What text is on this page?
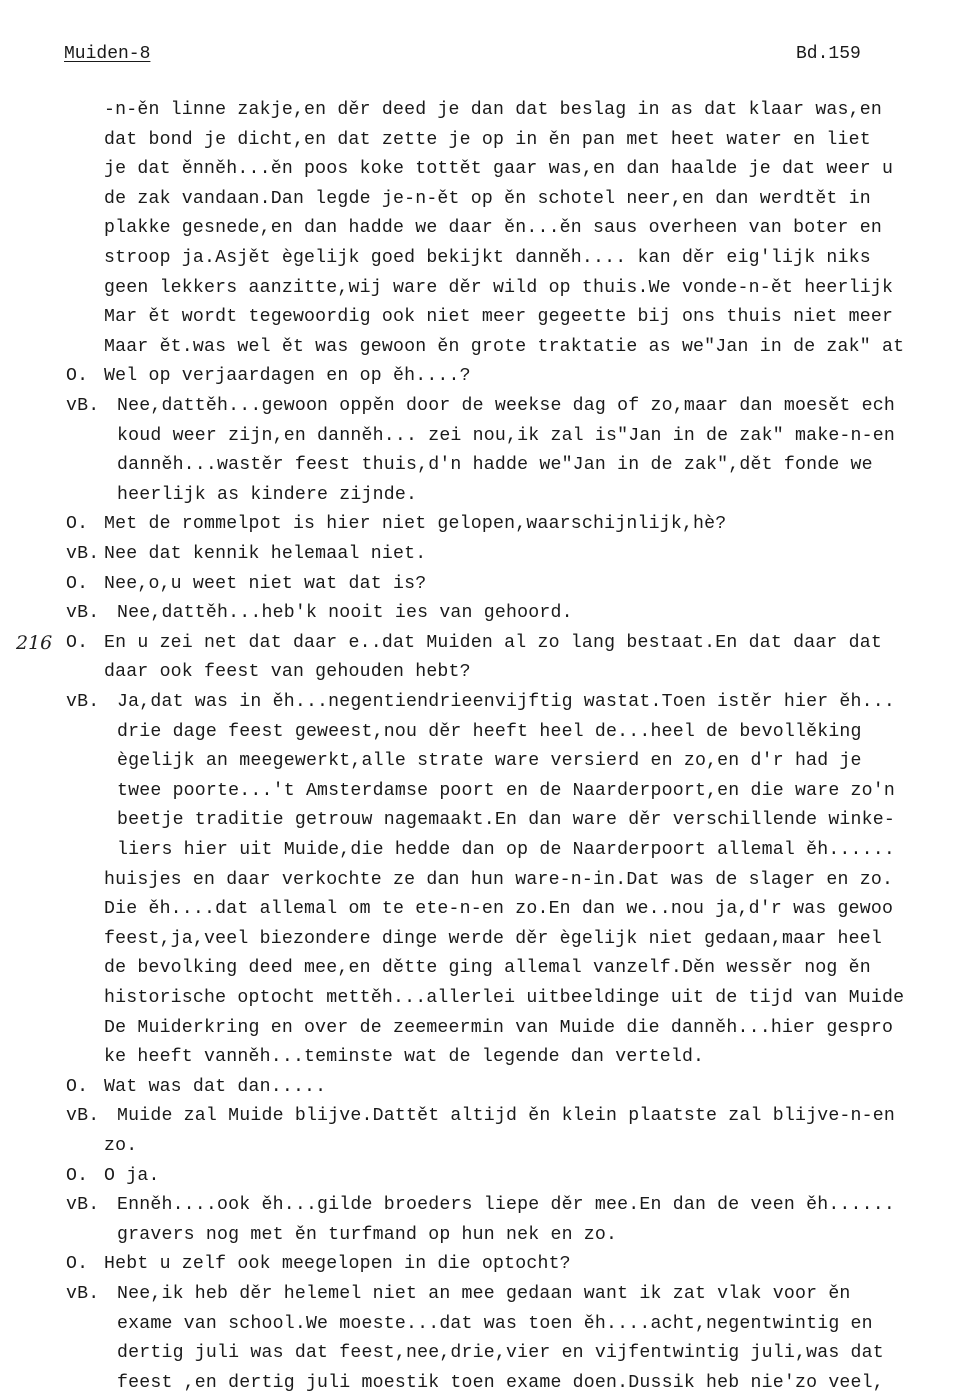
Muiden-8	Bd.159
216
-n-ěn linne zakje,en děr deed je dan dat beslag in as dat klaar was,en
dat bond je dicht,en dat zette je op in ěn pan met heet water en liet
je dat ěnněh...ěn poos koke tottět gaar was,en dan haalde je dat weer u
de zak vandaan.Dan legde je-n-ět op ěn schotel neer,en dan werdtět in
plakke gesnede,en dan hadde we daar ěn...ěn saus overheen van boter en
stroop ja.Asjět ègelijk goed bekijkt danněh.... kan děr eig'lijk niks
geen lekkers aanzitte,wij ware děr wild op thuis.We vonde-n-ět heerlijk
Mar ět wordt tegewoordig ook niet meer gegeette bij ons thuis niet meer
Maar ět.was wel ět was gewoon ěn grote traktatie as we"Jan in de zak" at
O. Wel op verjaardagen en op ěh....?
vB. Nee,dattěh...gewoon oppěn door de weekse dag of zo,maar dan moesět ech
koud weer zijn,en danněh... zei nou,ik zal is"Jan in de zak" make-n-en
danněh...wastěr feest thuis,d'n hadde we"Jan in de zak",dět fonde we
heerlijk as kindere zijnde.
O. Met de rommelpot is hier niet gelopen,waarschijnlijk,hè?
vB. Nee dat kennik helemaal niet.
O. Nee,o,u weet niet wat dat is?
vB. Nee,dattěh...heb'k nooit ies van gehoord.
O. En u zei net dat daar e..dat Muiden al zo lang bestaat.En dat daar dat
daar ook feest van gehouden hebt?
vB. Ja,dat was in ěh...negentiendrieenvijftig wastat.Toen istěr hier ěh...
drie dage feest geweest,nou děr heeft heel de...heel de bevollěking
ègelijk an meegewerkt,alle strate ware versierd en zo,en d'r had je
twee poorte...'t Amsterdamse poort en de Naarderpoort,en die ware zo'n
beetje traditie getrouw nagemaakt.En dan ware děr verschillende winke-
liers hier uit Muide,die hedde dan op de Naarderpoort allemal ěh......
huisjes en daar verkochte ze dan hun ware-n-in.Dat was de slager en zo.
Die ěh....dat allemal om te ete-n-en zo.En dan we..nou ja,d'r was gewoo
feest,ja,veel biezondere dinge werde děr ègelijk niet gedaan,maar heel
de bevolking deed mee,en dětte ging allemal vanzelf.Děn wessěr nog ěn
historische optocht mettěh...allerlei uitbeeldinge uit de tijd van Muide
De Muiderkring en over de zeemeermin van Muide die danněh...hier gespro
ke heeft vanněh...teminste wat de legende dan verteld.
O. Wat was dat dan.....
vB. Muide zal Muide blijve.Dattět altijd ěn klein plaatste zal blijve-n-en
zo.
O. O ja.
vB. Enněh....ook ěh...gilde broeders liepe děr mee.En dan de veen ěh......
gravers nog met ěn turfmand op hun nek en zo.
O. Hebt u zelf ook meegelopen in die optocht?
vB. Nee,ik heb děr helemel niet an mee gedaan want ik zat vlak voor ěn
exame van school.We moeste...dat was toen ěh....acht,negentwintig en
dertig juli was dat feest,nee,drie,vier en vijfentwintig juli,was dat
feest ,en dertig juli moestik toen exame doen.Dussik heb nie'zo veel,
